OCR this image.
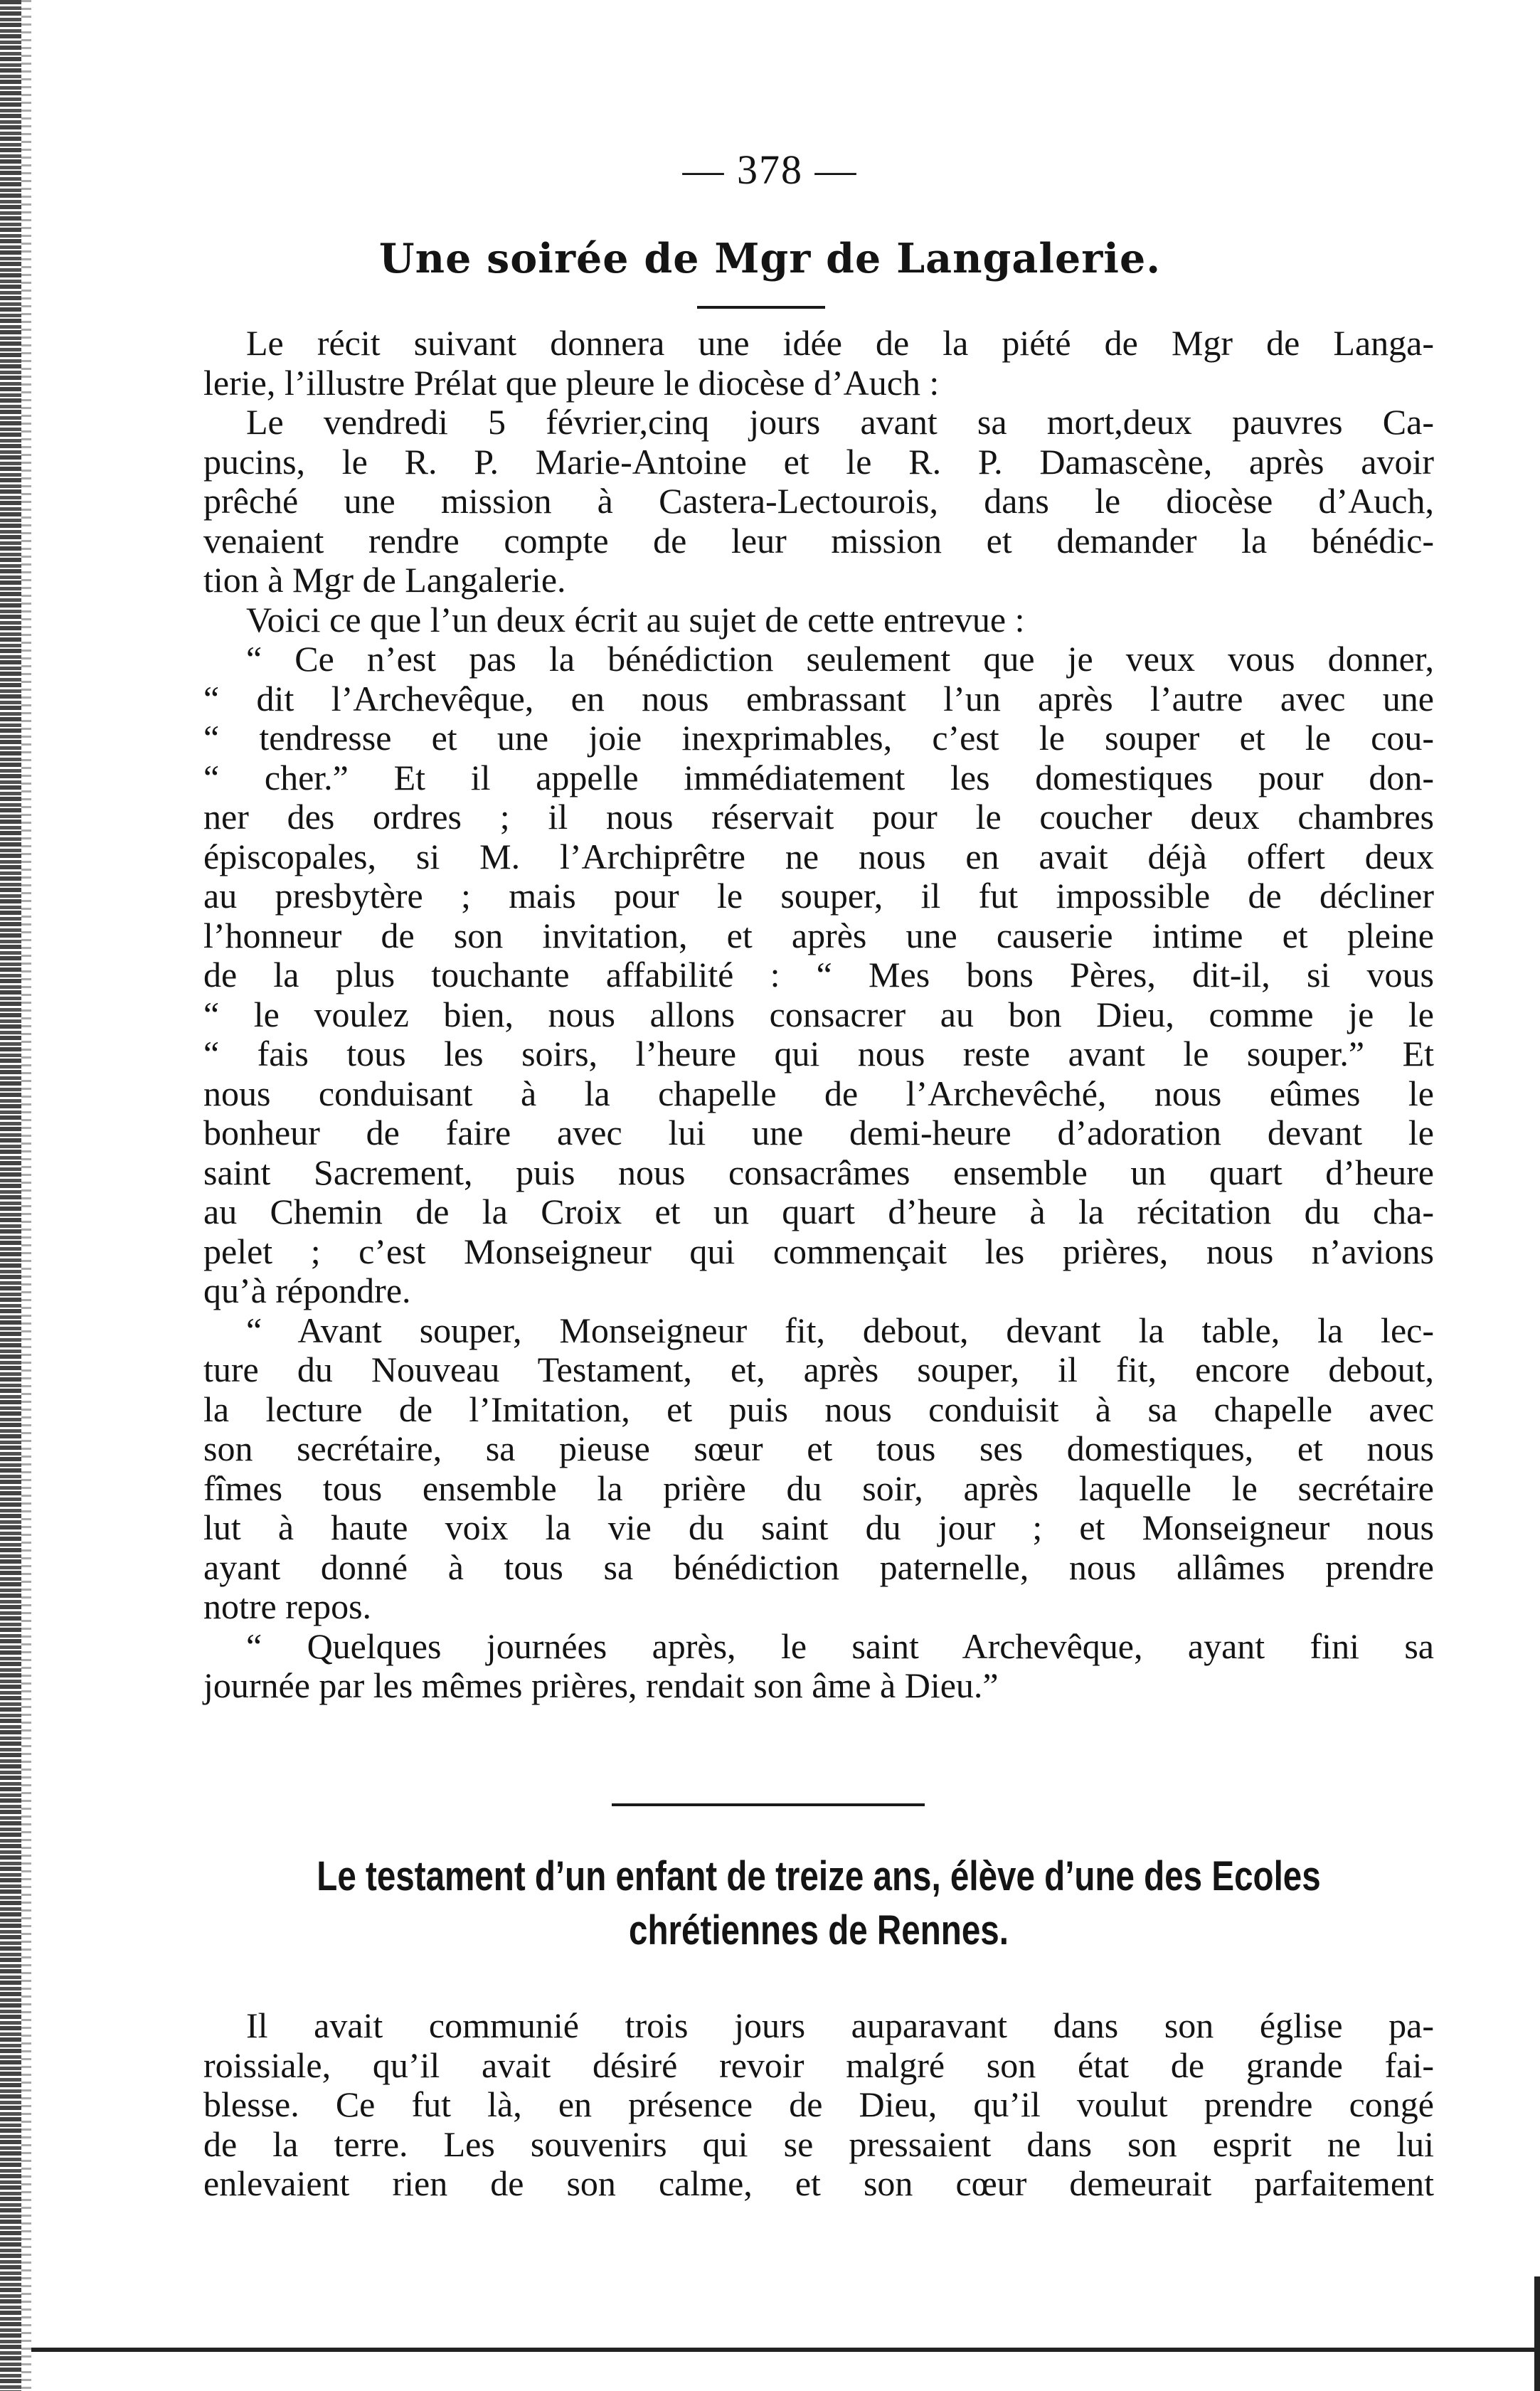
— 378 —
Une soirée de Mgr de Langalerie.
Le récit suivant donnera une idée de la piété de Mgr de Langa-
lerie, l’illustre Prélat que pleure le diocèse d’Auch :
Le vendredi 5 février,cinq jours avant sa mort,deux pauvres Ca-
pucins, le R. P. Marie-Antoine et le R. P. Damascène, après avoir
prêché une mission à Castera-Lectourois, dans le diocèse d’Auch,
venaient rendre compte de leur mission et demander la bénédic-
tion à Mgr de Langalerie.
Voici ce que l’un deux écrit au sujet de cette entrevue :
“ Ce n’est pas la bénédiction seulement que je veux vous donner,
“ dit l’Archevêque, en nous embrassant l’un après l’autre avec une
“ tendresse et une joie inexprimables, c’est le souper et le cou-
“ cher.” Et il appelle immédiatement les domestiques pour don-
ner des ordres ; il nous réservait pour le coucher deux chambres
épiscopales, si M. l’Archiprêtre ne nous en avait déjà offert deux
au presbytère ; mais pour le souper, il fut impossible de décliner
l’honneur de son invitation, et après une causerie intime et pleine
de la plus touchante affabilité : “ Mes bons Pères, dit-il, si vous
“ le voulez bien, nous allons consacrer au bon Dieu, comme je le
“ fais tous les soirs, l’heure qui nous reste avant le souper.” Et
nous conduisant à la chapelle de l’Archevêché, nous eûmes le
bonheur de faire avec lui une demi-heure d’adoration devant le
saint Sacrement, puis nous consacrâmes ensemble un quart d’heure
au Chemin de la Croix et un quart d’heure à la récitation du cha-
pelet ; c’est Monseigneur qui commençait les prières, nous n’avions
qu’à répondre.
“ Avant souper, Monseigneur fit, debout, devant la table, la lec-
ture du Nouveau Testament, et, après souper, il fit, encore debout,
la lecture de l’Imitation, et puis nous conduisit à sa chapelle avec
son secrétaire, sa pieuse sœur et tous ses domestiques, et nous
fîmes tous ensemble la prière du soir, après laquelle le secrétaire
lut à haute voix la vie du saint du jour ; et Monseigneur nous
ayant donné à tous sa bénédiction paternelle, nous allâmes prendre
notre repos.
“ Quelques journées après, le saint Archevêque, ayant fini sa
journée par les mêmes prières, rendait son âme à Dieu.”
Le testament d’un enfant de treize ans, élève d’une des Ecoles
chrétiennes de Rennes.
Il avait communié trois jours auparavant dans son église pa-
roissiale, qu’il avait désiré revoir malgré son état de grande fai-
blesse. Ce fut là, en présence de Dieu, qu’il voulut prendre congé
de la terre. Les souvenirs qui se pressaient dans son esprit ne lui
enlevaient rien de son calme, et son cœur demeurait parfaitement
